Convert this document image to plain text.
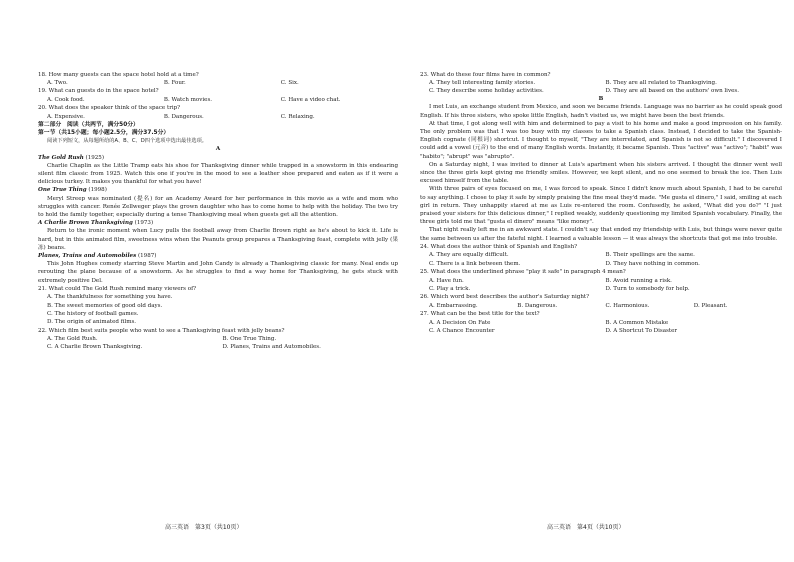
18. How many guests can the space hotel hold at a time?
A. Two.	B. Four.	C. Six.
19. What can guests do in the space hotel?
A. Cook food.	B. Watch movies.	C. Have a video chat.
20. What does the speaker think of the space trip?
A. Expensive.	B. Dangerous.	C. Relaxing.
第二部分　阅读（共两节，满分50分）
第一节（共15小题；每小题2.5分，满分37.5分）
阅读下列短文，从每题所给的A、B、C、D四个选项中选出最佳选项。
A
The Gold Rush (1925)
Charlie Chaplin as the Little Tramp eats his shoe for Thanksgiving dinner while trapped in a snowstorm in this endearing silent film classic from 1925. Watch this one if you're in the mood to see a leather shoe prepared and eaten as if it were a delicious turkey. It makes you thankful for what you have!
One True Thing (1998)
Meryl Streep was nominated (提名) for an Academy Award for her performance in this movie as a wife and mom who struggles with cancer. Renée Zellweger plays the grown daughter who has to come home to help with the holiday. The two try to hold the family together, especially during a tense Thanksgiving meal when guests get all the attention.
A Charlie Brown Thanksgiving (1973)
Return to the ironic moment when Lucy pulls the football away from Charlie Brown right as he's about to kick it. Life is hard, but in this animated film, sweetness wins when the Peanuts group prepares a Thanksgiving feast, complete with jelly (果冻) beans.
Planes, Trains and Automobiles (1987)
This John Hughes comedy starring Steve Martin and John Candy is already a Thanksgiving classic for many. Neal ends up rerouting the plane because of a snowstorm. As he struggles to find a way home for Thanksgiving, he gets stuck with extremely positive Del.
21. What could The Gold Rush remind many viewers of?
A. The thankfulness for something you have.
B. The sweet memories of good old days.
C. The history of football games.
D. The origin of animated films.
22. Which film best suits people who want to see a Thanksgiving feast with jelly beans?
A. The Gold Rush.	B. One True Thing.
C. A Charlie Brown Thanksgiving.	D. Planes, Trains and Automobiles.
23. What do these four films have in common?
A. They tell interesting family stories.	B. They are all related to Thanksgiving.
C. They describe some holiday activities.	D. They are all based on the authors' own lives.
B
I met Luis, an exchange student from Mexico, and soon we became friends. Language was no barrier as he could speak good English. If his three sisters, who spoke little English, hadn't visited us, we might have been the best friends.
At that time, I got along well with him and determined to pay a visit to his home and make a good impression on his family. The only problem was that I was too busy with my classes to take a Spanish class. Instead, I decided to take the Spanish-English cognate (同根词) shortcut. I thought to myself, "They are interrelated, and Spanish is not so difficult." I discovered I could add a vowel (元音) to the end of many English words. Instantly, it became Spanish. Thus "active" was "activo"; "habit" was "habito"; "abrupt" was "abrupto".
On a Saturday night, I was invited to dinner at Luis's apartment when his sisters arrived. I thought the dinner went well since the three girls kept giving me friendly smiles. However, we kept silent, and no one seemed to break the ice. Then Luis excused himself from the table.
With three pairs of eyes focused on me, I was forced to speak. Since I didn't know much about Spanish, I had to be careful to say anything. I chose to play it safe by simply praising the fine meal they'd made. "Me gusta el dinero," I said, smiling at each girl in return. They unhappily stared at me as Luis re-entered the room. Confusedly, he asked, "What did you do?" "I just praised your sisters for this delicious dinner," I replied weakly, suddenly questioning my limited Spanish vocabulary. Finally, the three girls told me that "gusta el dinero" means "like money".
That night really left me in an awkward state. I couldn't say that ended my friendship with Luis, but things were never quite the same between us after the fateful night. I learned a valuable lesson — it was always the shortcuts that got me into trouble.
24. What does the author think of Spanish and English?
A. They are equally difficult.	B. Their spellings are the same.
C. There is a link between them.	D. They have nothing in common.
25. What does the underlined phrase "play it safe" in paragraph 4 mean?
A. Have fun.	B. Avoid running a risk.
C. Play a trick.	D. Turn to somebody for help.
26. Which word best describes the author's Saturday night?
A. Embarrassing.	B. Dangerous.	C. Harmonious.	D. Pleasant.
27. What can be the best title for the text?
A. A Decision On Fate	B. A Common Mistake
C. A Chance Encounter	D. A Shortcut To Disaster
高三英语　第3页（共10页）	高三英语　第4页（共10页）
